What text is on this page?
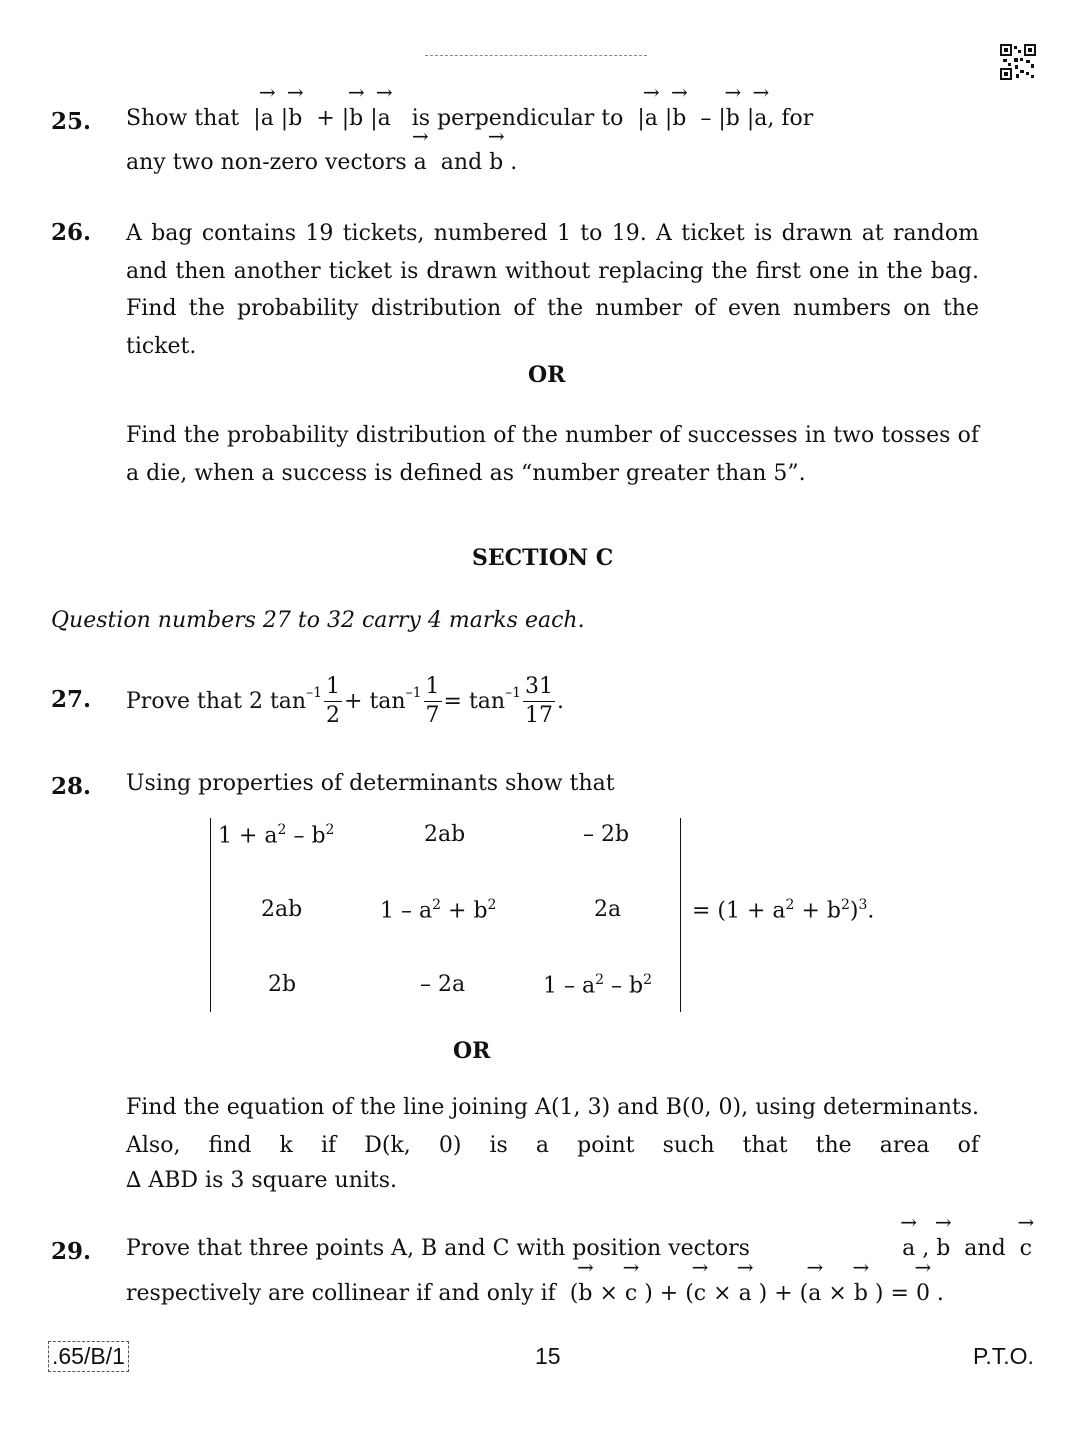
25. Show that  |
→
a |
→
b + |
→
b |
→
a is perpendicular to  |
→
a |
→
b – |
→
b |
→
a, for
any two non-zero vectors
→
a and
→
b .
26. A bag contains 19 tickets, numbered 1 to 19. A ticket is drawn at random and then another ticket is drawn without replacing the first one in the bag. Find the probability distribution of the number of even numbers on the ticket.
OR
Find the probability distribution of the number of successes in two tosses of a die, when a success is defined as “number greater than 5”.
SECTION C
Question numbers 27 to 32 carry 4 marks each.
27. Prove that 2
$\tan^{-1} \frac{1}{2}$ +
$\tan^{-1} \frac{1}{7}$ =
$\tan^{-1} \frac{31}{17}$ .
28. Using properties of determinants show that
$1 + a^2 - b^2$	2ab	– 2b
2ab	$1 - a^2 + b^2$	2a
2b	– 2a	$1 - a^2 - b^2$
= $(1 + a^2 + b^2)^3$.
OR
Find the equation of the line joining A(1, 3) and B(0, 0), using determinants. Also, find k if D(k, 0) is a point such that the area of
∆ ABD is 3 square units.
29. Prove that three points A, B and C with position vectors
→
a ,
→
b and
→
c
respectively are collinear if and only if  (
→
b ×
→
c ) + (
→
c ×
→
a ) + (
→
a ×
→
b ) =
→
0 .
.65/B/1	15	P.T.O.
